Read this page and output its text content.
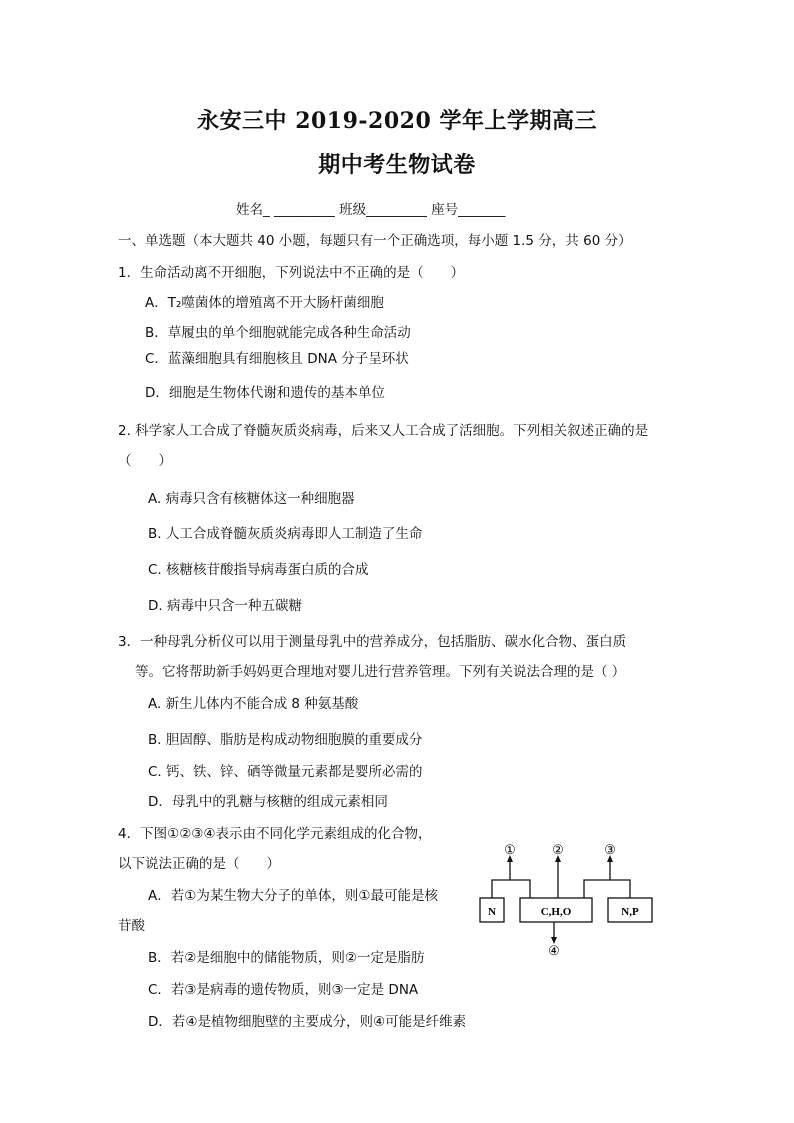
永安三中 2019-2020 学年上学期高三
期中考生物试卷
姓名_ _________ 班级_________ 座号_______
一、单选题（本大题共 40 小题，每题只有一个正确选项，每小题 1.5 分，共 60 分）
1．生命活动离不开细胞，下列说法中不正确的是（　　）
A．T₂噬菌体的增殖离不开大肠杆菌细胞
B．草履虫的单个细胞就能完成各种生命活动
C．蓝藻细胞具有细胞核且 DNA 分子呈环状
D．细胞是生物体代谢和遗传的基本单位
2. 科学家人工合成了脊髓灰质炎病毒，后来又人工合成了活细胞。下列相关叙述正确的是
（　　）
A. 病毒只含有核糖体这一种细胞器
B. 人工合成脊髓灰质炎病毒即人工制造了生命
C. 核糖核苷酸指导病毒蛋白质的合成
D. 病毒中只含一种五碳糖
3．一种母乳分析仪可以用于测量母乳中的营养成分，包括脂肪、碳水化合物、蛋白质
等。它将帮助新手妈妈更合理地对婴儿进行营养管理。下列有关说法合理的是（ ）
A. 新生儿体内不能合成 8 种氨基酸
B. 胆固醇、脂肪是构成动物细胞膜的重要成分
C. 钙、铁、锌、硒等微量元素都是婴所必需的
D．母乳中的乳糖与核糖的组成元素相同
4．下图①②③④表示由不同化学元素组成的化合物，
以下说法正确的是（　　）
A．若①为某生物大分子的单体，则①最可能是核
苷酸
B．若②是细胞中的储能物质，则②一定是脂肪
C．若③是病毒的遗传物质，则③一定是 DNA
D．若④是植物细胞壁的主要成分，则④可能是纤维素
①	②	③
④
N	C,H,O	N,P
